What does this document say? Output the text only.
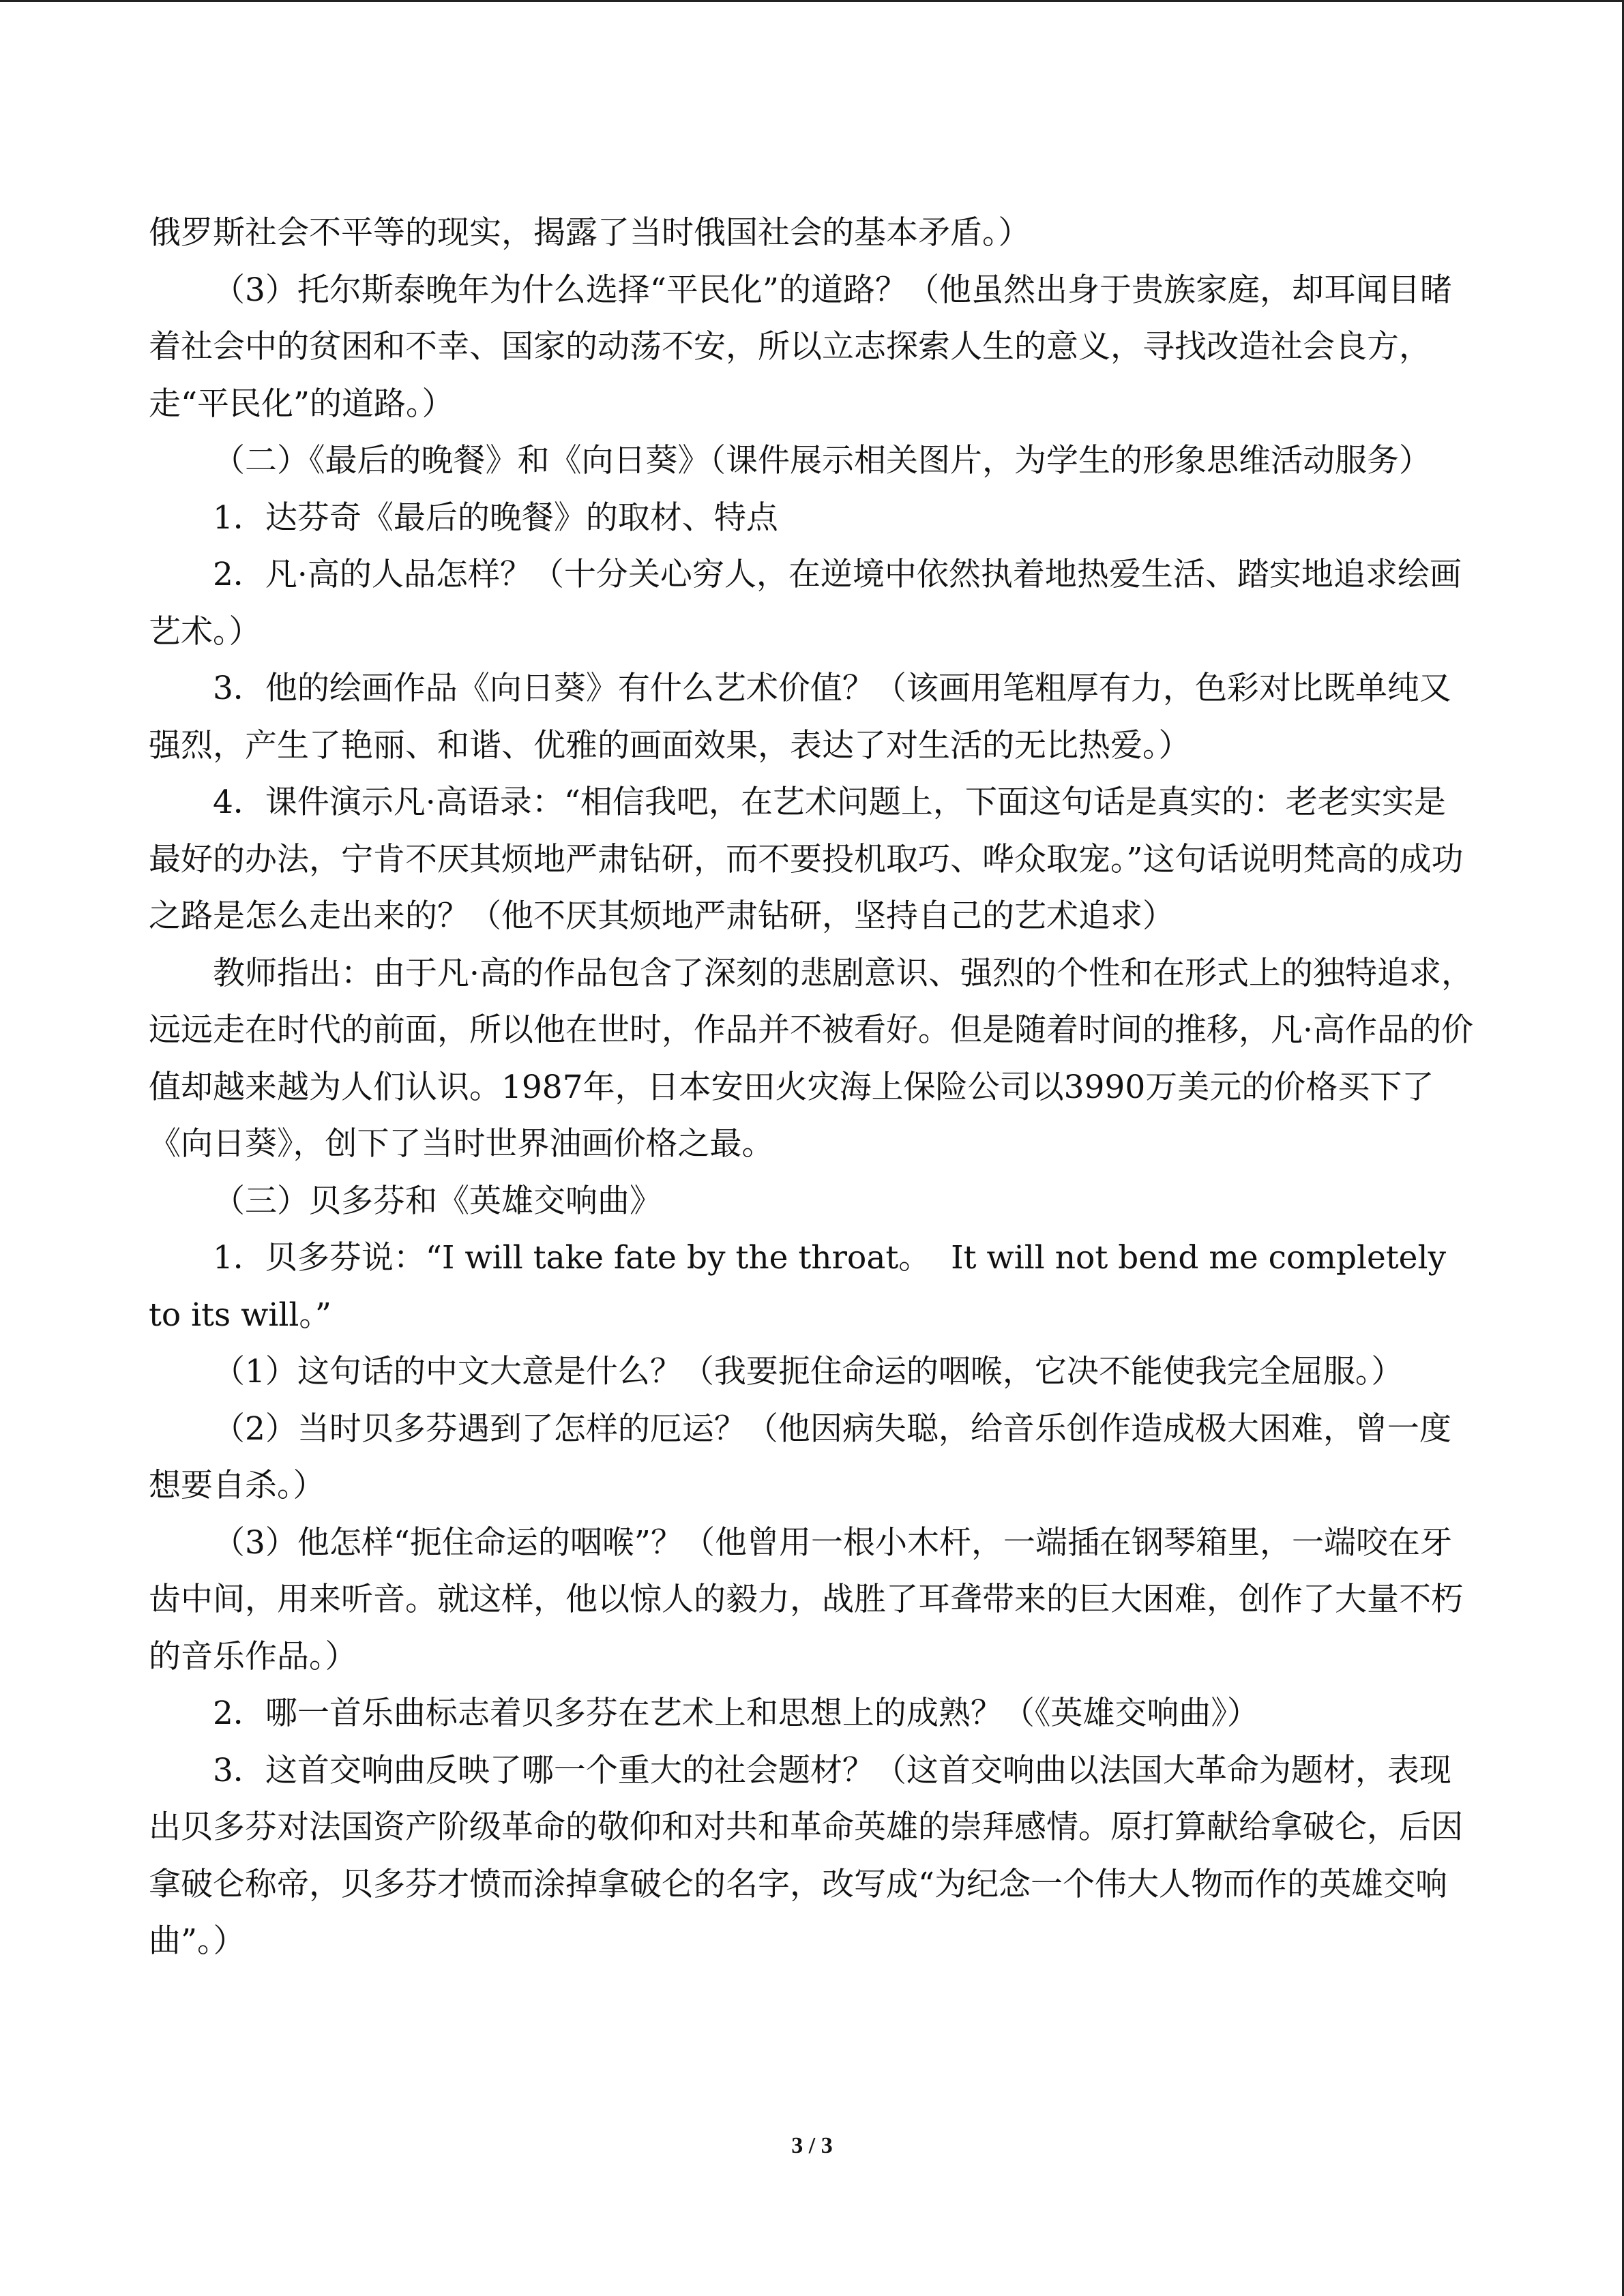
俄罗斯社会不平等的现实，揭露了当时俄国社会的基本矛盾。）

（3）托尔斯泰晚年为什么选择“平民化”的道路？（他虽然出身于贵族家庭，却耳闻目睹着社会中的贫困和不幸、国家的动荡不安，所以立志探索人生的意义，寻找改造社会良方，走“平民化”的道路。）

（二）《最后的晚餐》和《向日葵》（课件展示相关图片，为学生的形象思维活动服务）

1．达芬奇《最后的晚餐》的取材、特点

2．凡·高的人品怎样？（十分关心穷人，在逆境中依然执着地热爱生活、踏实地追求绘画艺术。）

3．他的绘画作品《向日葵》有什么艺术价值？（该画用笔粗厚有力，色彩对比既单纯又强烈，产生了艳丽、和谐、优雅的画面效果，表达了对生活的无比热爱。）

4．课件演示凡·高语录：“相信我吧，在艺术问题上，下面这句话是真实的：老老实实是最好的办法，宁肯不厌其烦地严肃钻研，而不要投机取巧、哗众取宠。”这句话说明梵高的成功之路是怎么走出来的？（他不厌其烦地严肃钻研，坚持自己的艺术追求）

教师指出：由于凡·高的作品包含了深刻的悲剧意识、强烈的个性和在形式上的独特追求，远远走在时代的前面，所以他在世时，作品并不被看好。但是随着时间的推移，凡·高作品的价值却越来越为人们认识。1987年，日本安田火灾海上保险公司以3990万美元的价格买下了《向日葵》，创下了当时世界油画价格之最。

（三）贝多芬和《英雄交响曲》

1．贝多芬说：“I will take fate by the throat。  It will not bend me completely to its will。”

（1）这句话的中文大意是什么？（我要扼住命运的咽喉，它决不能使我完全屈服。）

（2）当时贝多芬遇到了怎样的厄运？（他因病失聪，给音乐创作造成极大困难，曾一度想要自杀。）

（3）他怎样“扼住命运的咽喉”？（他曾用一根小木杆，一端插在钢琴箱里，一端咬在牙齿中间，用来听音。就这样，他以惊人的毅力，战胜了耳聋带来的巨大困难，创作了大量不朽的音乐作品。）

2．哪一首乐曲标志着贝多芬在艺术上和思想上的成熟？（《英雄交响曲》）

3．这首交响曲反映了哪一个重大的社会题材？（这首交响曲以法国大革命为题材，表现出贝多芬对法国资产阶级革命的敬仰和对共和革命英雄的崇拜感情。原打算献给拿破仑，后因拿破仑称帝，贝多芬才愤而涂掉拿破仑的名字，改写成“为纪念一个伟大人物而作的英雄交响曲”。）

3 / 3
